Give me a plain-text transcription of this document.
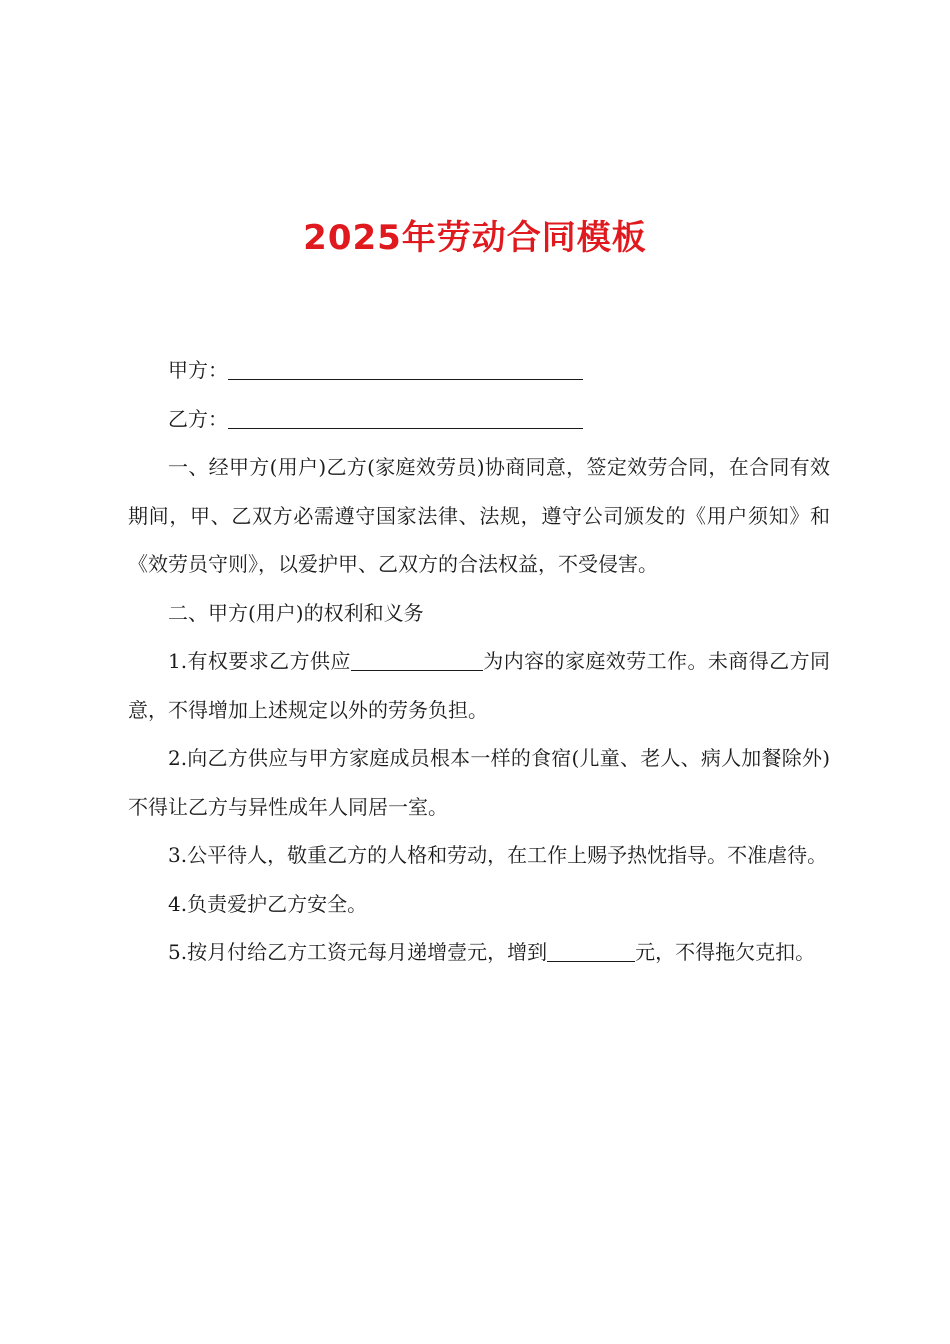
2025年劳动合同模板

甲方：

乙方：

一、经甲方(用户)乙方(家庭效劳员)协商同意，签定效劳合同，在合同有效期间，甲、乙双方必需遵守国家法律、法规，遵守公司颁发的《用户须知》和《效劳员守则》，以爱护甲、乙双方的合法权益，不受侵害。

二、甲方(用户)的权利和义务

1.有权要求乙方供应	为内容的家庭效劳工作。未商得乙方同意，不得增加上述规定以外的劳务负担。

2.向乙方供应与甲方家庭成员根本一样的食宿(儿童、老人、病人加餐除外)不得让乙方与异性成年人同居一室。

3.公平待人，敬重乙方的人格和劳动，在工作上赐予热忱指导。不准虐待。

4.负责爱护乙方安全。

5.按月付给乙方工资元每月递增壹元，增到	元，不得拖欠克扣。
